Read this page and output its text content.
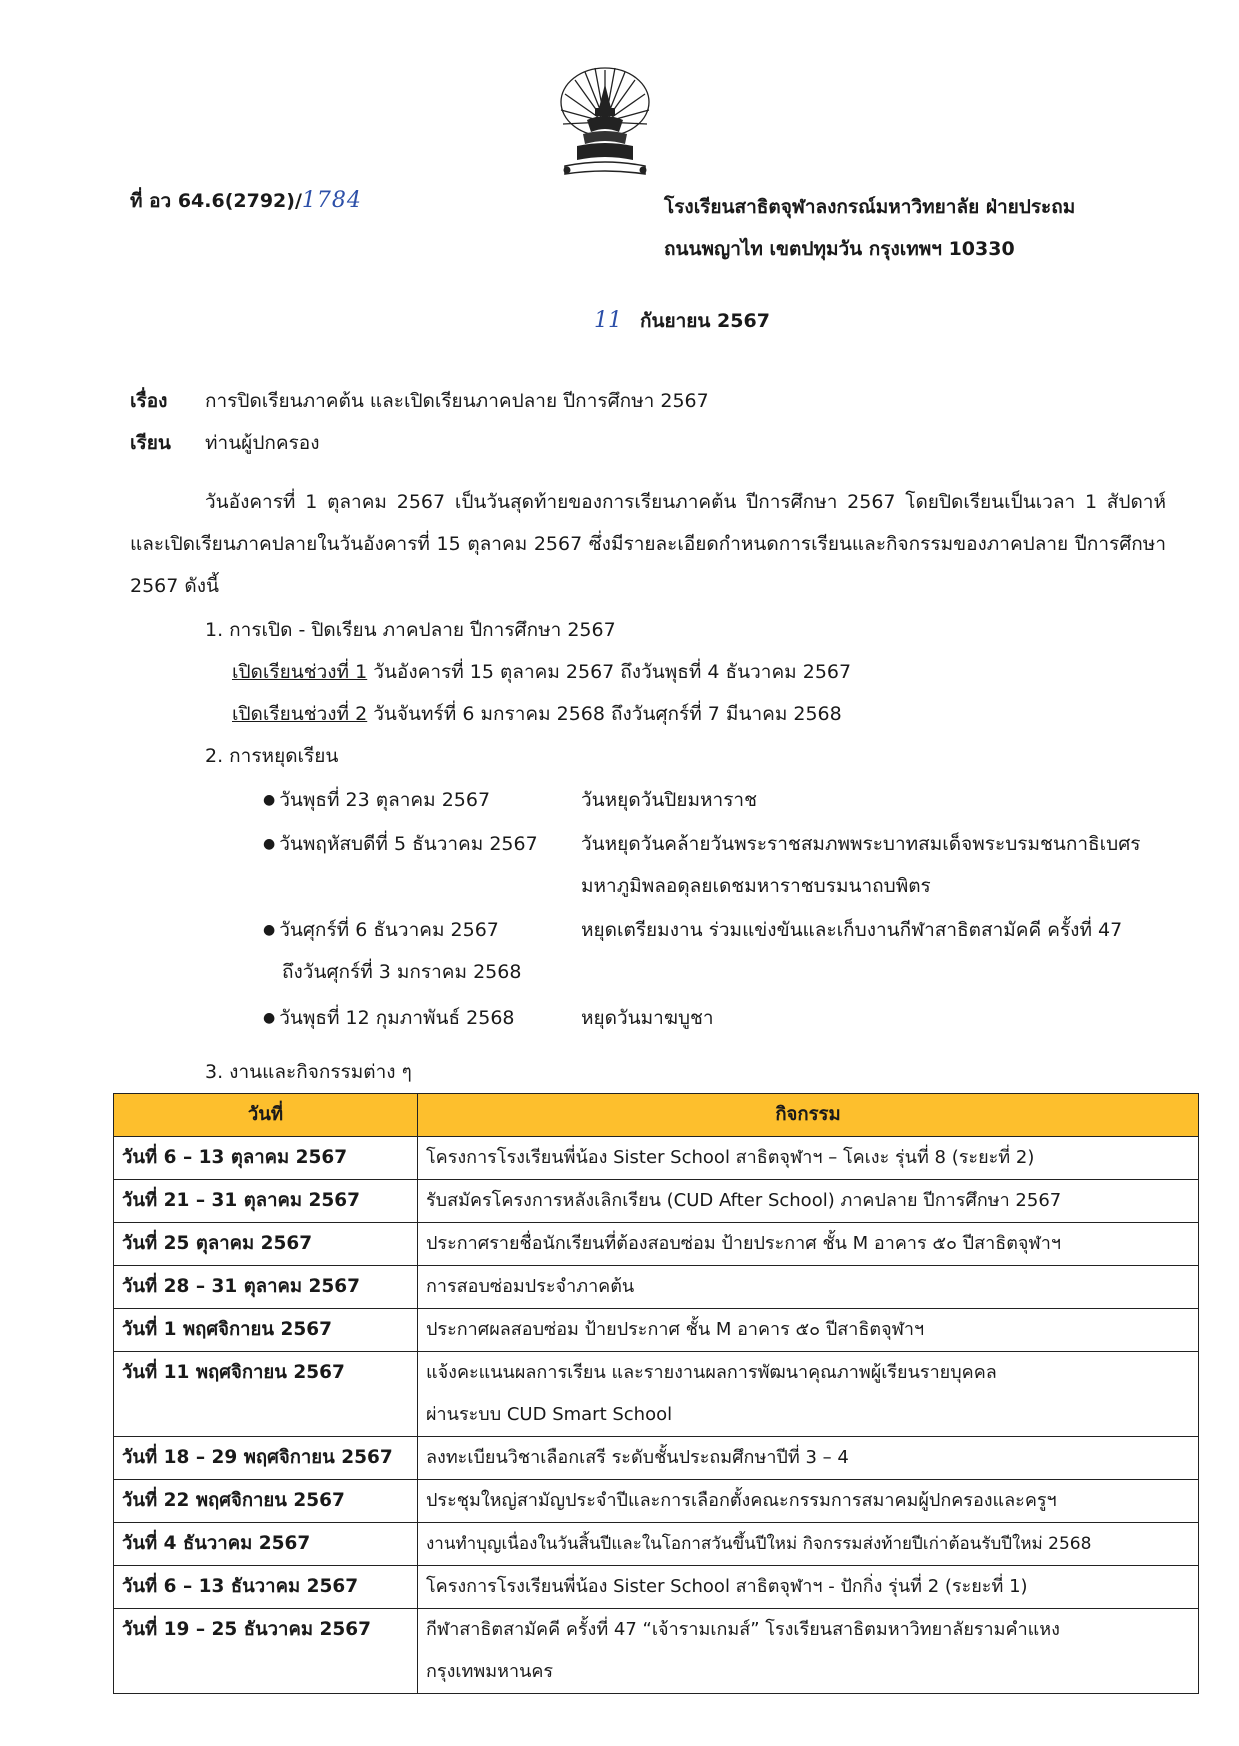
ที่ อว 64.6(2792)/1784	โรงเรียนสาธิตจุฬาลงกรณ์มหาวิทยาลัย ฝ่ายประถม
ถนนพญาไท เขตปทุมวัน กรุงเทพฯ 10330
11 กันยายน 2567
เรื่อง การปิดเรียนภาคต้น และเปิดเรียนภาคปลาย ปีการศึกษา 2567
เรียน ท่านผู้ปกครอง
วันอังคารที่ 1 ตุลาคม 2567 เป็นวันสุดท้ายของการเรียนภาคต้น ปีการศึกษา 2567 โดยปิดเรียนเป็นเวลา 1 สัปดาห์ และเปิดเรียนภาคปลายในวันอังคารที่ 15 ตุลาคม 2567 ซึ่งมีรายละเอียดกำหนดการเรียนและกิจกรรมของภาคปลาย ปีการศึกษา 2567 ดังนี้
1. การเปิด - ปิดเรียน ภาคปลาย ปีการศึกษา 2567
เปิดเรียนช่วงที่ 1 วันอังคารที่ 15 ตุลาคม 2567 ถึงวันพุธที่ 4 ธันวาคม 2567
เปิดเรียนช่วงที่ 2 วันจันทร์ที่ 6 มกราคม 2568 ถึงวันศุกร์ที่ 7 มีนาคม 2568
2. การหยุดเรียน
● วันพุธที่ 23 ตุลาคม 2567	วันหยุดวันปิยมหาราช
● วันพฤหัสบดีที่ 5 ธันวาคม 2567 วันหยุดวันคล้ายวันพระราชสมภพพระบาทสมเด็จพระบรมชนกาธิเบศร
มหาภูมิพลอดุลยเดชมหาราชบรมนาถบพิตร
● วันศุกร์ที่ 6 ธันวาคม 2567	หยุดเตรียมงาน ร่วมแข่งขันและเก็บงานกีฬาสาธิตสามัคคี ครั้งที่ 47
ถึงวันศุกร์ที่ 3 มกราคม 2568
● วันพุธที่ 12 กุมภาพันธ์ 2568	หยุดวันมาฆบูชา
3. งานและกิจกรรมต่าง ๆ
วันที่	กิจกรรม
วันที่ 6 – 13 ตุลาคม 2567	โครงการโรงเรียนพี่น้อง Sister School สาธิตจุฬาฯ – โคเงะ รุ่นที่ 8 (ระยะที่ 2)
วันที่ 21 – 31 ตุลาคม 2567	รับสมัครโครงการหลังเลิกเรียน (CUD After School) ภาคปลาย ปีการศึกษา 2567
วันที่ 25 ตุลาคม 2567	ประกาศรายชื่อนักเรียนที่ต้องสอบซ่อม ป้ายประกาศ ชั้น M อาคาร ๕๐ ปีสาธิตจุฬาฯ
วันที่ 28 – 31 ตุลาคม 2567	การสอบซ่อมประจำภาคต้น
วันที่ 1 พฤศจิกายน 2567	ประกาศผลสอบซ่อม ป้ายประกาศ ชั้น M อาคาร ๕๐ ปีสาธิตจุฬาฯ
วันที่ 11 พฤศจิกายน 2567	แจ้งคะแนนผลการเรียน และรายงานผลการพัฒนาคุณภาพผู้เรียนรายบุคคล
ผ่านระบบ CUD Smart School

วันที่ 18 – 29 พฤศจิกายน 2567	ลงทะเบียนวิชาเลือกเสรี ระดับชั้นประถมศึกษาปีที่ 3 – 4
วันที่ 22 พฤศจิกายน 2567	ประชุมใหญ่สามัญประจำปีและการเลือกตั้งคณะกรรมการสมาคมผู้ปกครองและครูฯ
วันที่ 4 ธันวาคม 2567	งานทำบุญเนื่องในวันสิ้นปีและในโอกาสวันขึ้นปีใหม่ กิจกรรมส่งท้ายปีเก่าต้อนรับปีใหม่ 2568
วันที่ 6 – 13 ธันวาคม 2567	โครงการโรงเรียนพี่น้อง Sister School สาธิตจุฬาฯ - ปักกิ่ง รุ่นที่ 2 (ระยะที่ 1)
วันที่ 19 – 25 ธันวาคม 2567	กีฬาสาธิตสามัคคี ครั้งที่ 47 “เจ้ารามเกมส์” โรงเรียนสาธิตมหาวิทยาลัยรามคำแหง
กรุงเทพมหานคร
